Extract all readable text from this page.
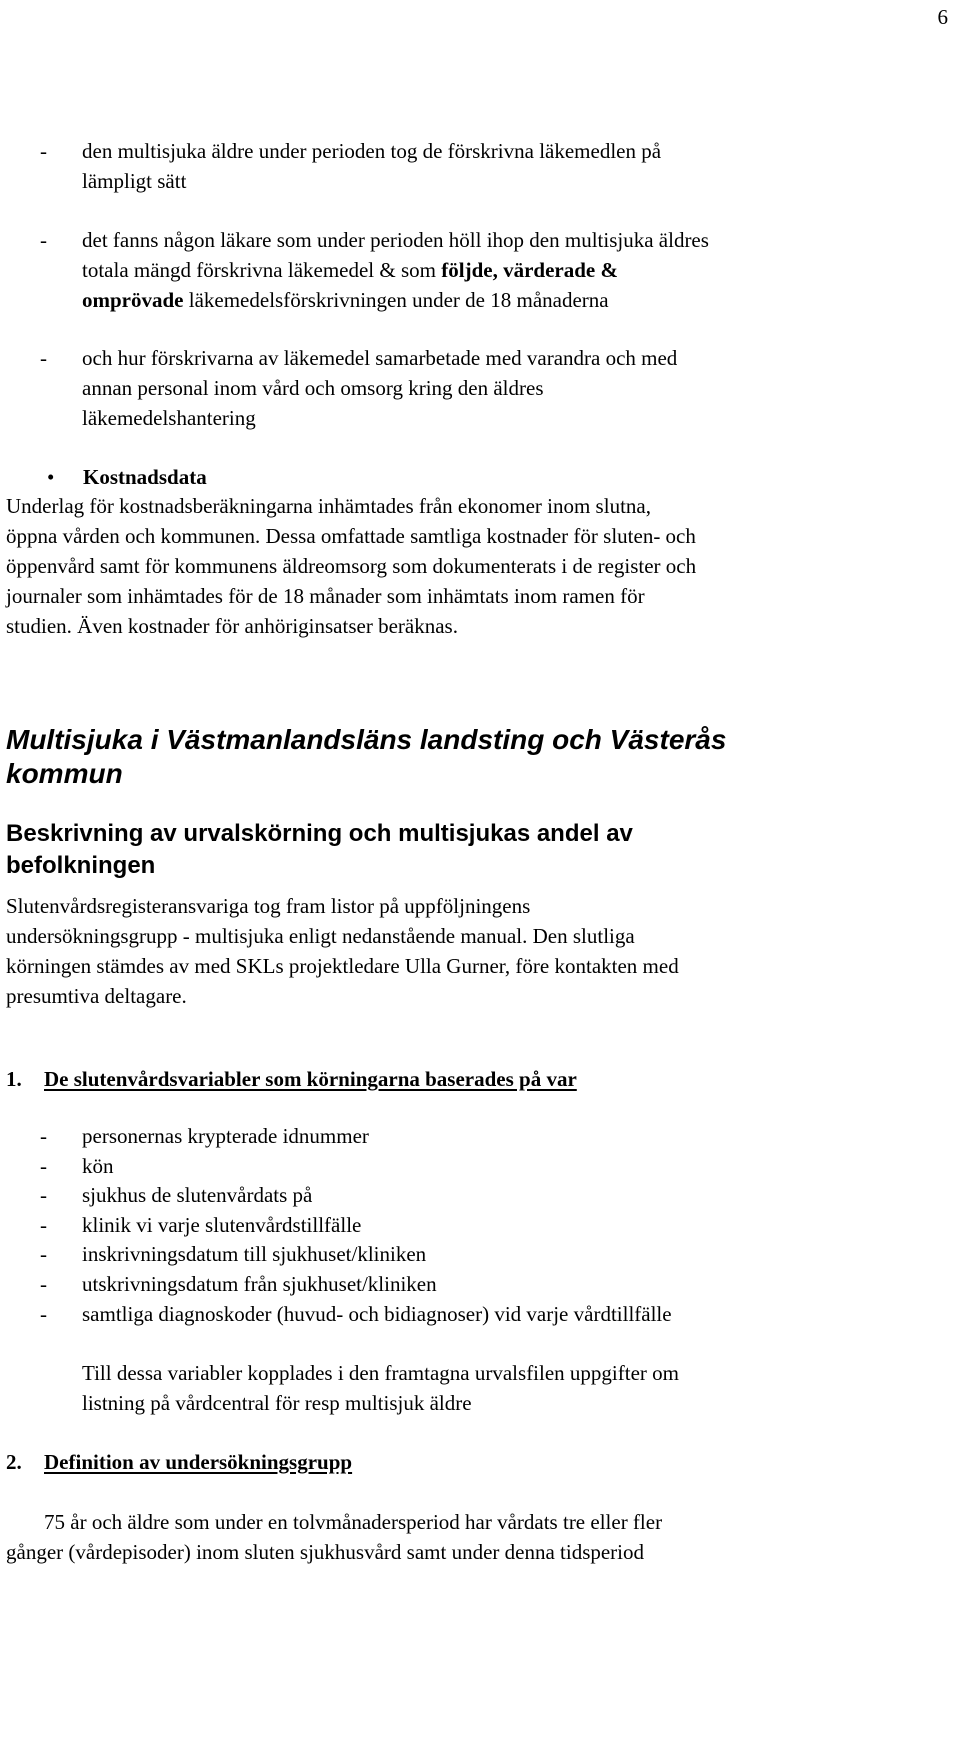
6
- den multisjuka äldre under perioden tog de förskrivna läkemedlen på
lämpligt sätt
- det fanns någon läkare som under perioden höll ihop den multisjuka äldres
totala mängd förskrivna läkemedel & som följde, värderade &
omprövade läkemedelsförskrivningen under de 18 månaderna
- och hur förskrivarna av läkemedel samarbetade med varandra och med
annan personal inom vård och omsorg kring den äldres
läkemedelshantering
• Kostnadsdata
Underlag för kostnadsberäkningarna inhämtades från ekonomer inom slutna,
öppna vården och kommunen. Dessa omfattade samtliga kostnader för sluten- och
öppenvård samt för kommunens äldreomsorg som dokumenterats i de register och
journaler som inhämtades för de 18 månader som inhämtats inom ramen för
studien. Även kostnader för anhöriginsatser beräknas.
Multisjuka i Västmanlandsläns landsting och Västerås
kommun
Beskrivning av urvalskörning och multisjukas andel av
befolkningen
Slutenvårdsregisteransvariga tog fram listor på uppföljningens
undersökningsgrupp - multisjuka enligt nedanstående manual. Den slutliga
körningen stämdes av med SKLs projektledare Ulla Gurner, före kontakten med
presumtiva deltagare.
1. De slutenvårdsvariabler som körningarna baserades på var
- personernas krypterade idnummer
- kön
- sjukhus de slutenvårdats på
- klinik vi varje slutenvårdstillfälle
- inskrivningsdatum till sjukhuset/kliniken
- utskrivningsdatum från sjukhuset/kliniken
- samtliga diagnoskoder (huvud- och bidiagnoser) vid varje vårdtillfälle
Till dessa variabler kopplades i den framtagna urvalsfilen uppgifter om
listning på vårdcentral för resp multisjuk äldre
2. Definition av undersökningsgrupp
75 år och äldre som under en tolvmånadersperiod har vårdats tre eller fler
gånger (vårdepisoder) inom sluten sjukhusvård samt under denna tidsperiod
